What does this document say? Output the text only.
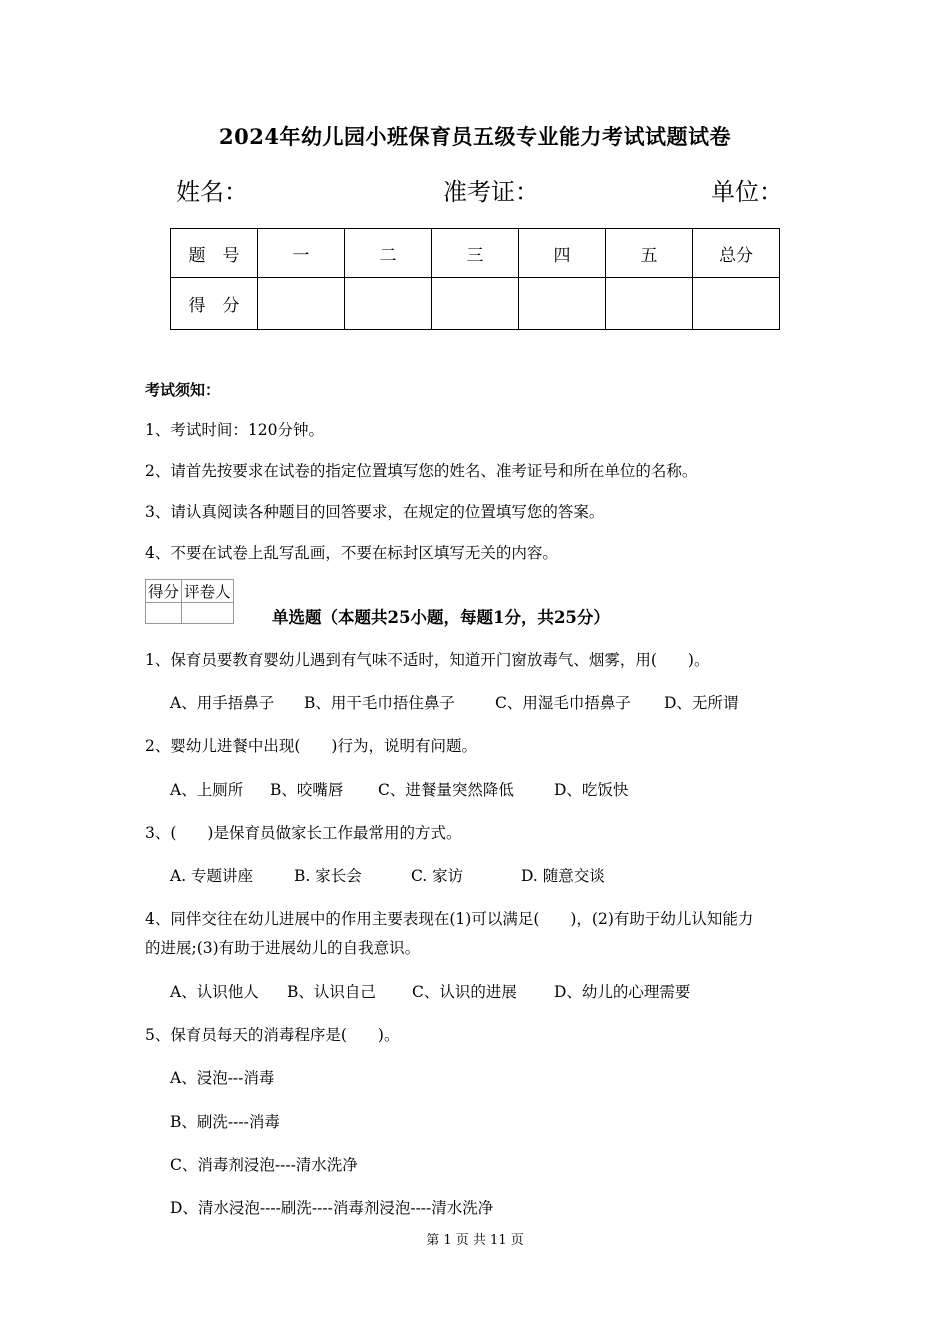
2024年幼儿园小班保育员五级专业能力考试试题试卷
姓名：	准考证：	单位：
题　号	一	二	三	四	五	总分
得　分						
考试须知：
1、考试时间：120分钟。
2、请首先按要求在试卷的指定位置填写您的姓名、准考证号和所在单位的名称。
3、请认真阅读各种题目的回答要求，在规定的位置填写您的答案。
4、不要在试卷上乱写乱画，不要在标封区填写无关的内容。
得分	评卷人

单选题（本题共25小题，每题1分，共25分）
1、保育员要教育婴幼儿遇到有气味不适时，知道开门窗放毒气、烟雾，用(　　)。
A、用手捂鼻子 B、用干毛巾捂住鼻子	C、用湿毛巾捂鼻子 D、无所谓
2、婴幼儿进餐中出现(　　)行为，说明有问题。
A、上厕所 B、咬嘴唇 C、进餐量突然降低	D、吃饭快
3、(　　)是保育员做家长工作最常用的方式。
A. 专题讲座	B. 家长会	C. 家访	D. 随意交谈
4、同伴交往在幼儿进展中的作用主要表现在(1)可以满足(　　)，(2)有助于幼儿认知能力
的进展;(3)有助于进展幼儿的自我意识。
A、认识他人 B、认识自己 C、认识的进展 D、幼儿的心理需要
5、保育员每天的消毒程序是(　　)。
A、浸泡---消毒
B、刷洗----消毒
C、消毒剂浸泡----清水洗净
D、清水浸泡----刷洗----消毒剂浸泡----清水洗净
第 1 页 共 11 页
